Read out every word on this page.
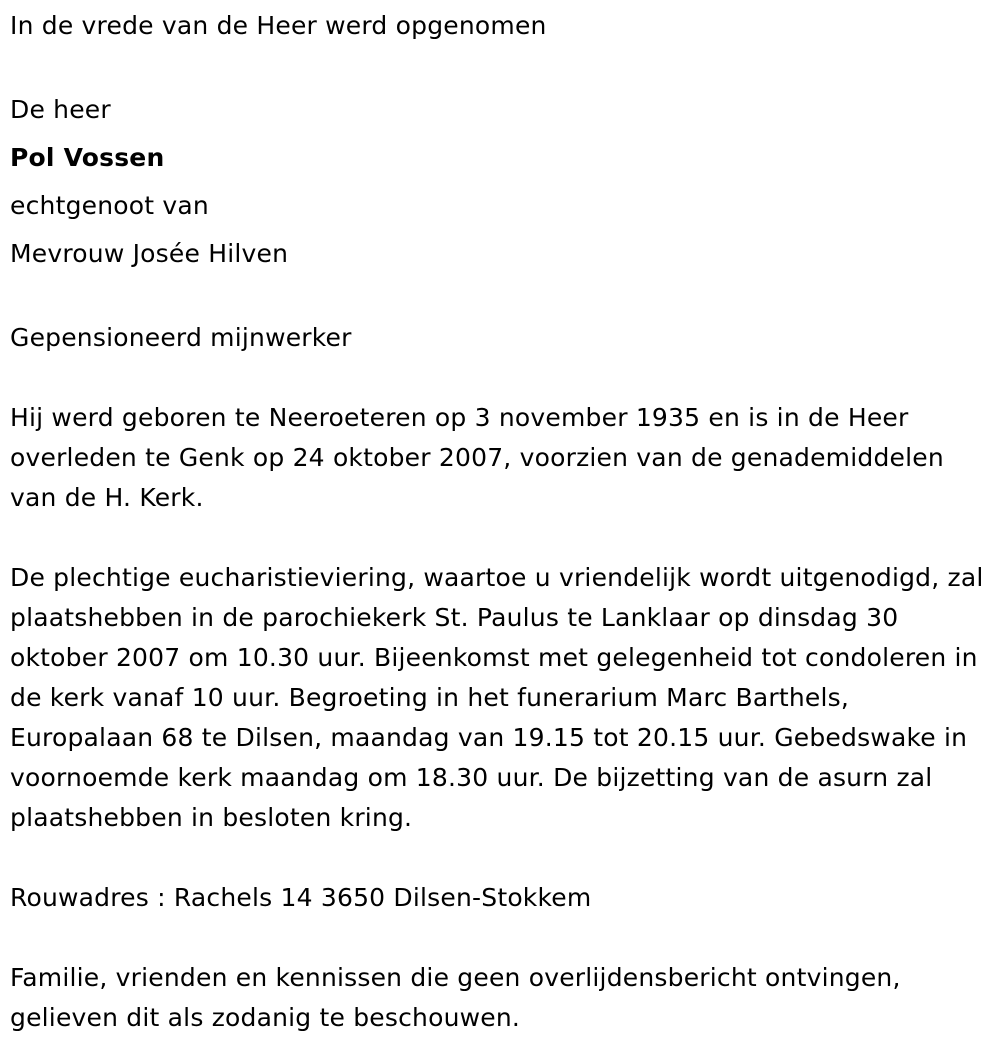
In de vrede van de Heer werd opgenomen

De heer

Pol Vossen

echtgenoot van

Mevrouw Josée Hilven

Gepensioneerd mijnwerker

Hij werd geboren te Neeroeteren op 3 november 1935 en is in de Heer overleden te Genk op 24 oktober 2007, voorzien van de genademiddelen van de H. Kerk.

De plechtige eucharistieviering, waartoe u vriendelijk wordt uitgenodigd, zal plaatshebben in de parochiekerk St. Paulus te Lanklaar op dinsdag 30 oktober 2007 om 10.30 uur. Bijeenkomst met gelegenheid tot condoleren in de kerk vanaf 10 uur. Begroeting in het funerarium Marc Barthels, Europalaan 68 te Dilsen, maandag van 19.15 tot 20.15 uur. Gebedswake in voornoemde kerk maandag om 18.30 uur. De bijzetting van de asurn zal plaatshebben in besloten kring.

Rouwadres : Rachels 14 3650 Dilsen-Stokkem

Familie, vrienden en kennissen die geen overlijdensbericht ontvingen, gelieven dit als zodanig te beschouwen.
